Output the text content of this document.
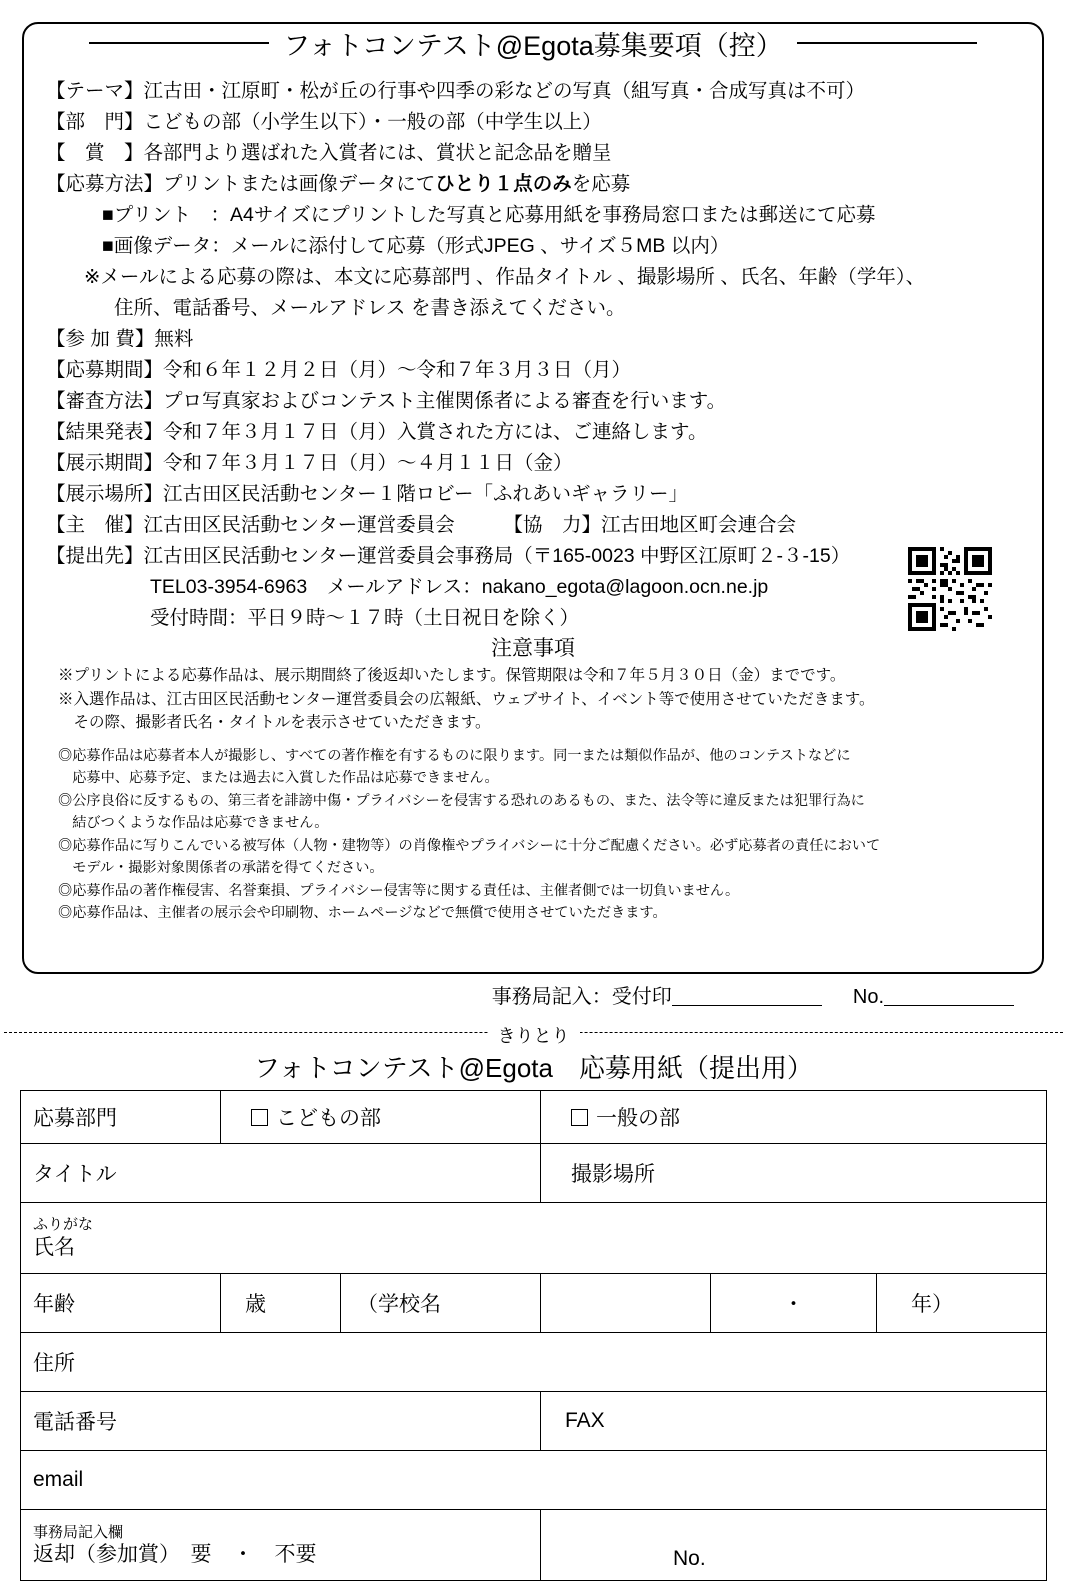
フォトコンテスト@Egota募集要項（控）
【テーマ】江古田・江原町・松が丘の行事や四季の彩などの写真（組写真・合成写真は不可）
【部　門】こどもの部（小学生以下）・一般の部（中学生以上）
【　賞　】各部門より選ばれた入賞者には、賞状と記念品を贈呈
【応募方法】プリントまたは画像データにてひとり１点のみを応募
■プリント　：A4サイズにプリントした写真と応募用紙を事務局窓口または郵送にて応募
■画像データ：メールに添付して応募（形式JPEG 、サイズ５MB 以内）
※メールによる応募の際は、本文に応募部門 、作品タイトル 、撮影場所 、氏名、年齢（学年）、
住所、電話番号、メールアドレス を書き添えてください。
【参 加 費】無料
【応募期間】令和６年１２月２日（月）～令和７年３月３日（月）
【審査方法】プロ写真家およびコンテスト主催関係者による審査を行います。
【結果発表】令和７年３月１７日（月）入賞された方には、ご連絡します。
【展示期間】令和７年３月１７日（月）～４月１１日（金）
【展示場所】江古田区民活動センター１階ロビー「ふれあいギャラリー」
【主　催】江古田区民活動センター運営委員会　　　【協　力】江古田地区町会連合会
【提出先】江古田区民活動センター運営委員会事務局（〒165-0023 中野区江原町２-３-15）
TEL03-3954-6963　メールアドレス：nakano_egota@lagoon.ocn.ne.jp
受付時間：平日９時～１７時（土日祝日を除く）
注意事項
※プリントによる応募作品は、展示期間終了後返却いたします。保管期限は令和７年５月３０日（金）までです。
※入選作品は、江古田区民活動センター運営委員会の広報紙、ウェブサイト、イベント等で使用させていただきます。
　その際、撮影者氏名・タイトルを表示させていただきます。
◎応募作品は応募者本人が撮影し、すべての著作権を有するものに限ります。同一または類似作品が、他のコンテストなどに
　応募中、応募予定、または過去に入賞した作品は応募できません。
◎公序良俗に反するもの、第三者を誹謗中傷・プライバシーを侵害する恐れのあるもの、また、法令等に違反または犯罪行為に
　結びつくような作品は応募できません。
◎応募作品に写りこんでいる被写体（人物・建物等）の肖像権やプライバシーに十分ご配慮ください。必ず応募者の責任において
　モデル・撮影対象関係者の承諾を得てください。
◎応募作品の著作権侵害、名誉棄損、プライバシー侵害等に関する責任は、主催者側では一切負いません。
◎応募作品は、主催者の展示会や印刷物、ホームページなどで無償で使用させていただきます。
事務局記入：受付印	No.
きりとり
フォトコンテスト@Egota　応募用紙（提出用）
応募部門	こどもの部		一般の部		
タイトル			撮影場所		

ふりがな
氏名					

年齢	歳	（学校名		・	年）
住所					
電話番号			FAX		
email					

事務局記入欄
返却（参加賞）　要　・　不要			No.		
